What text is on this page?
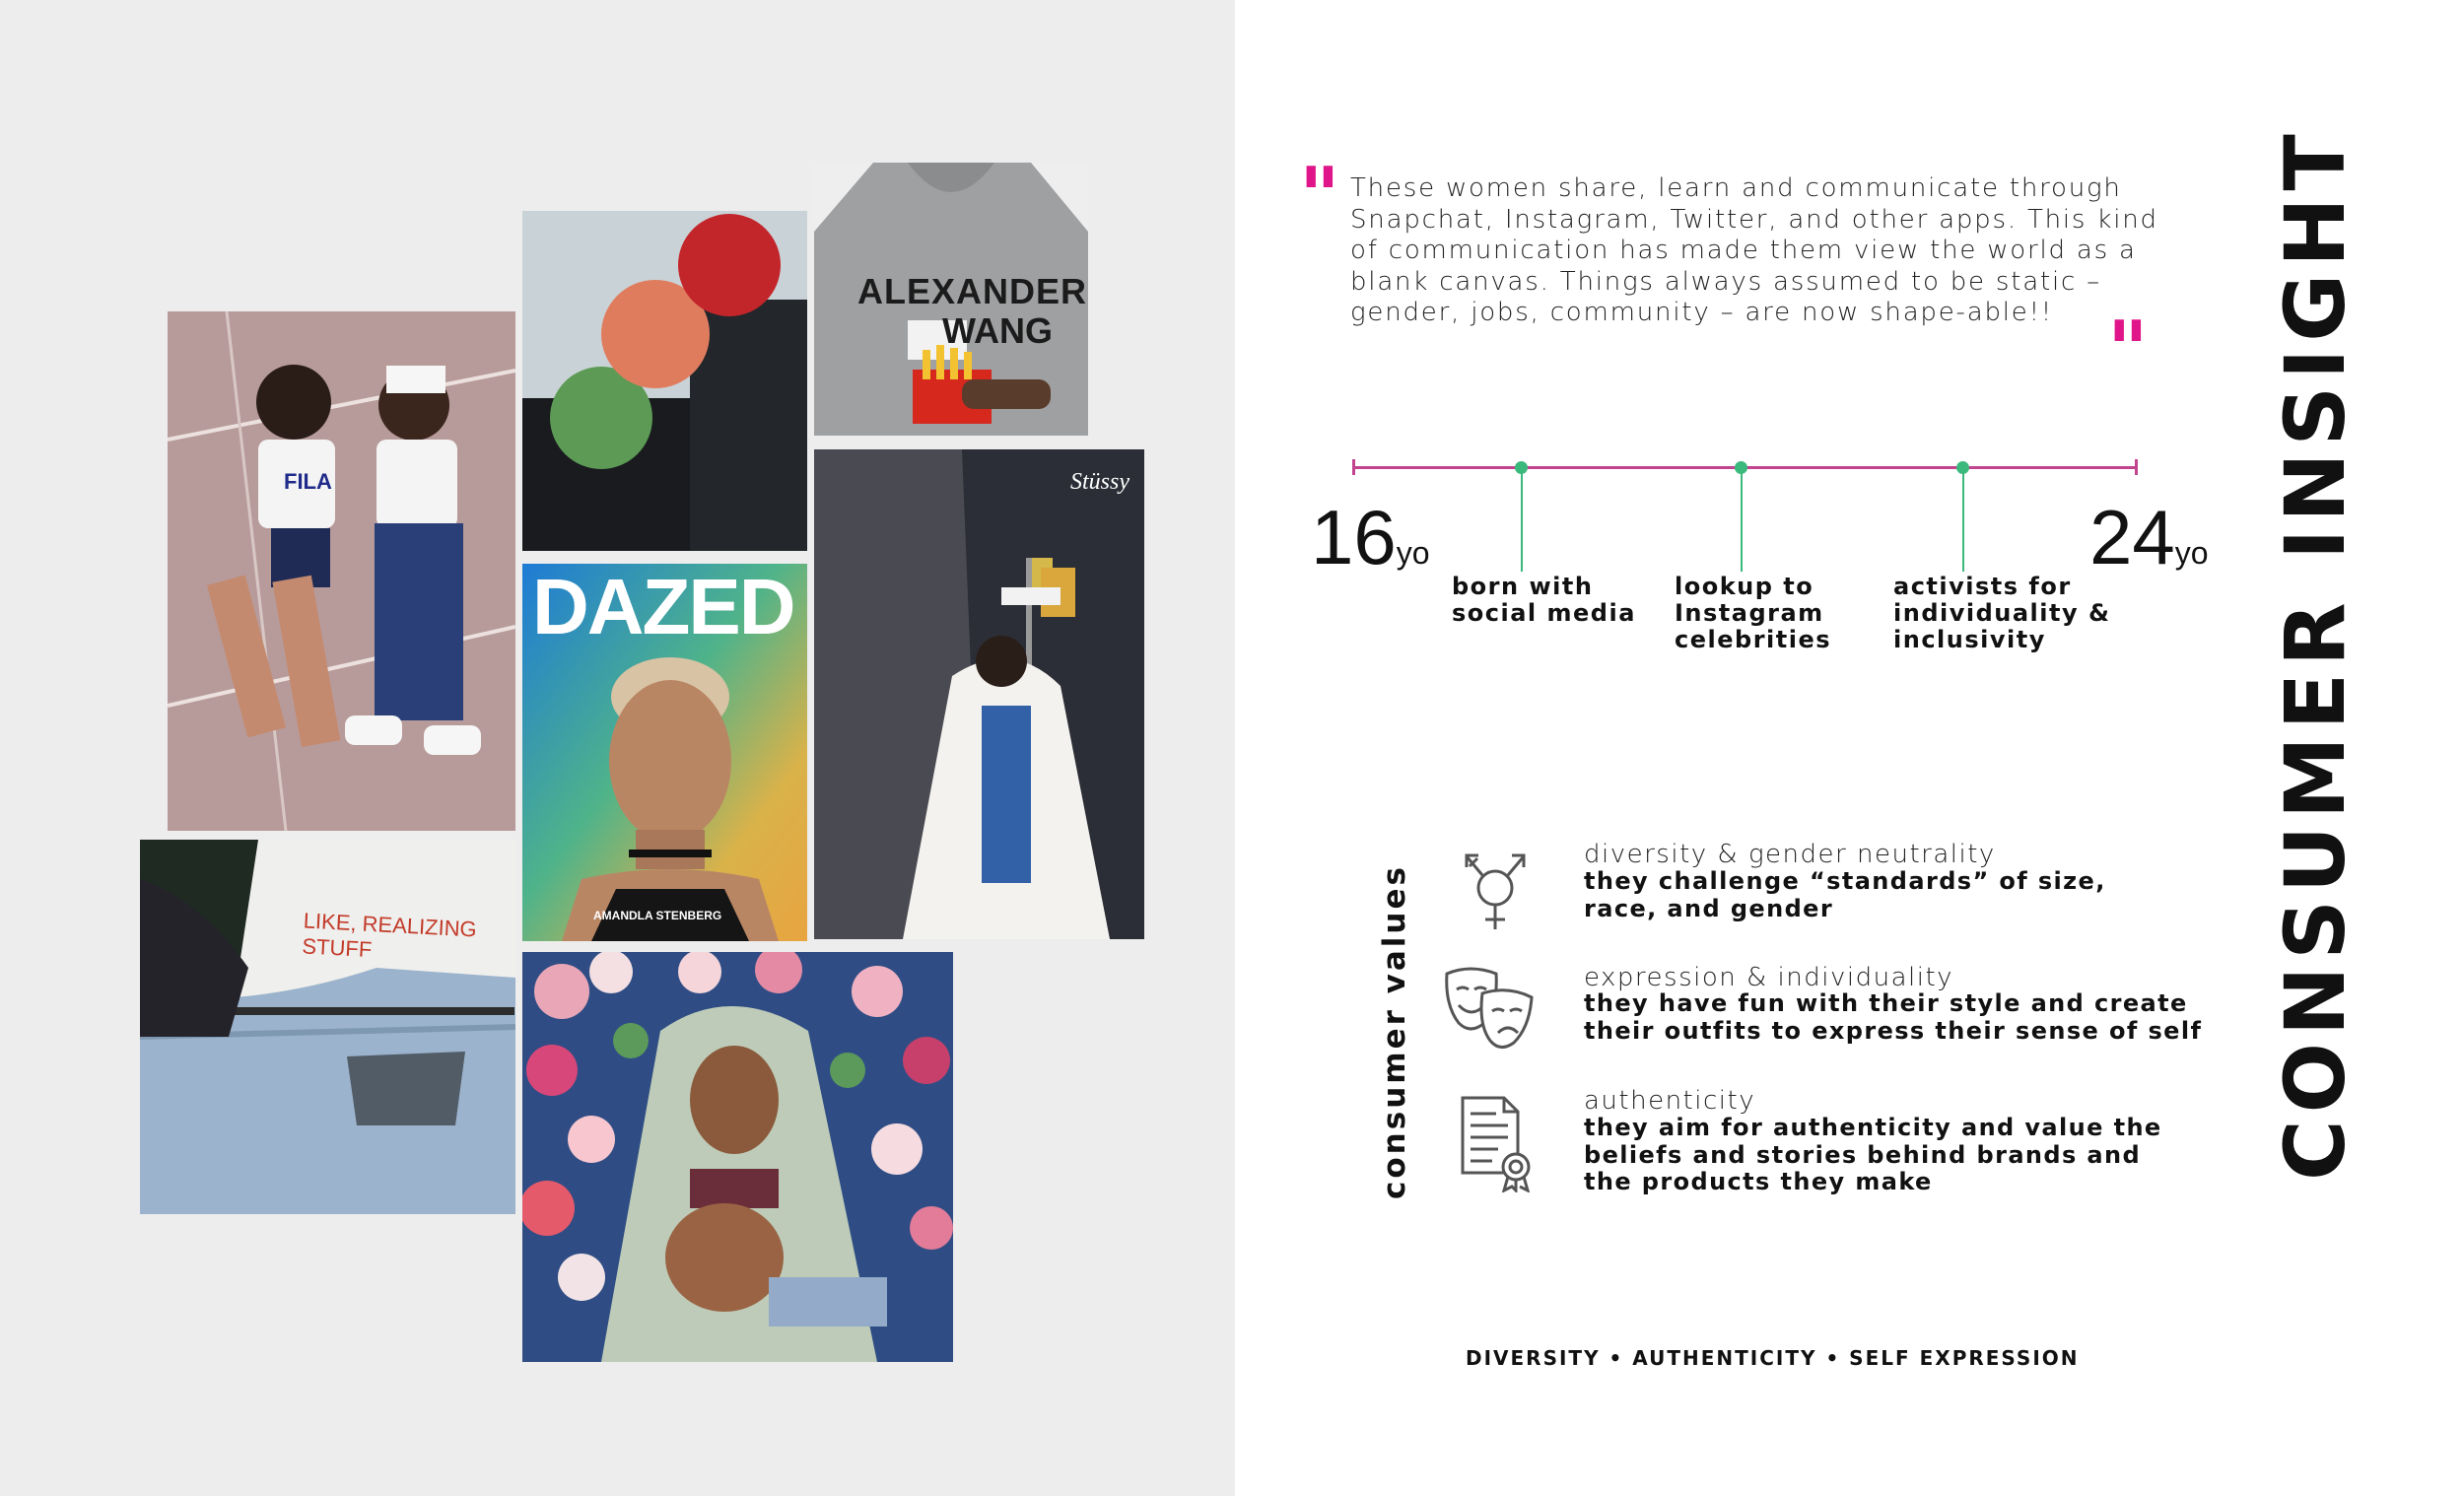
FILA
ALEXANDER
WANG
DAZED
AMANDLA STENBERG
Stüssy
LIKE, REALIZING STUFF
" These women share, learn and communicate through

Snapchat, Instagram, Twitter, and other apps. This kind

of communication has made them view the world as a

blank canvas. Things always assumed to be static –

gender, jobs, community – are now shape-able!! "
16yo	24yo
born with
social media
lookup to
Instagram
celebrities
activists for
individuality &
inclusivity
consumer values
diversity & gender neutrality
they challenge “standards” of size,
race, and gender
expression & individuality
they have fun with their style and create
their outfits to express their sense of self
authenticity
they aim for authenticity and value the
beliefs and stories behind brands and
the products they make
DIVERSITY • AUTHENTICITY • SELF EXPRESSION
CONSUMER INSIGHT
